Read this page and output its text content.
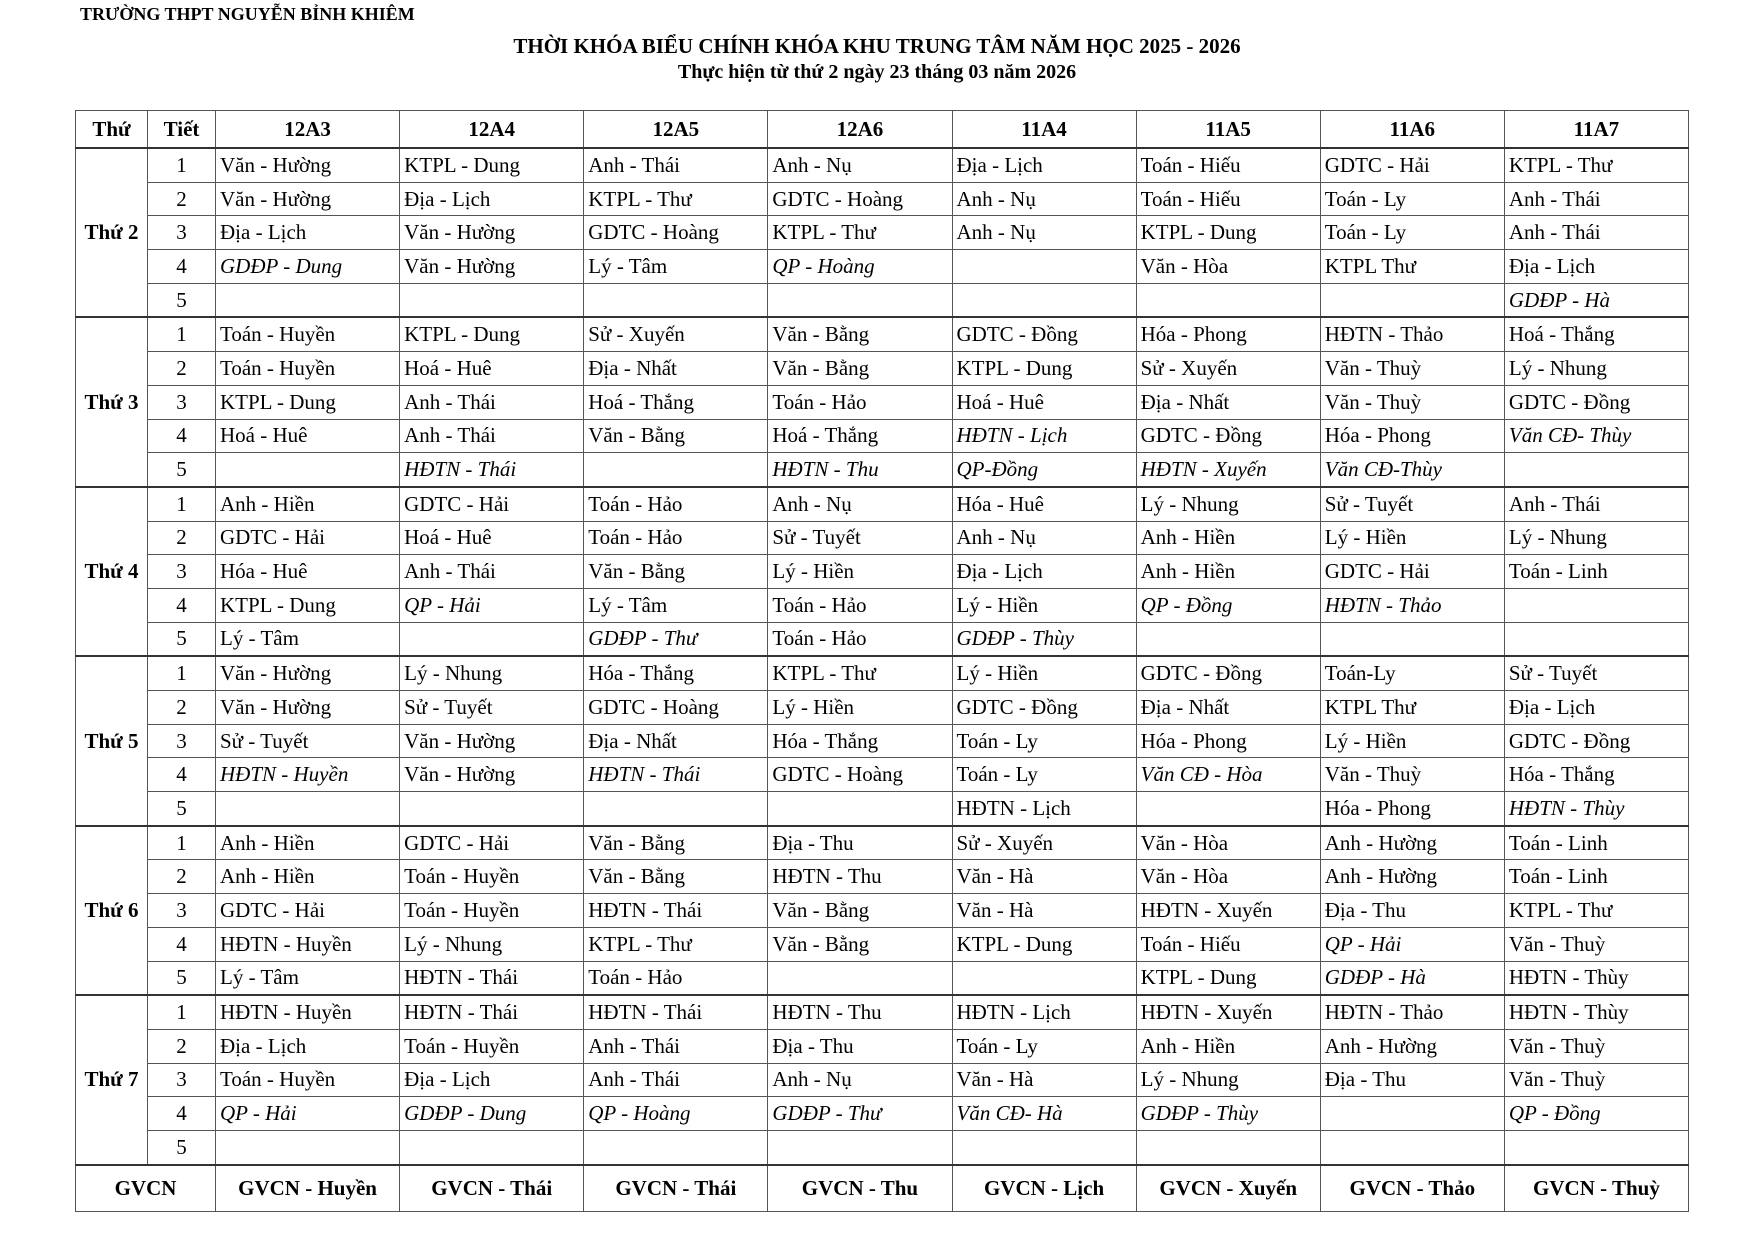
TRƯỜNG THPT NGUYỄN BỈNH KHIÊM
THỜI KHÓA BIỂU CHÍNH KHÓA KHU TRUNG TÂM NĂM HỌC 2025 - 2026
Thực hiện từ thứ 2 ngày 23 tháng 03 năm 2026
Thứ	Tiết	12A3	12A4	12A5	12A6	11A4	11A5	11A6	11A7
Thứ 2	1	Văn - Hường	KTPL - Dung	Anh - Thái	Anh - Nụ	Địa - Lịch	Toán - Hiếu	GDTC - Hải	KTPL - Thư
	2	Văn - Hường	Địa - Lịch	KTPL - Thư	GDTC - Hoàng	Anh - Nụ	Toán - Hiếu	Toán - Ly	Anh - Thái
	3	Địa - Lịch	Văn - Hường	GDTC - Hoàng	KTPL - Thư	Anh - Nụ	KTPL - Dung	Toán - Ly	Anh - Thái
	4	GDĐP - Dung	Văn - Hường	Lý - Tâm	QP - Hoàng		Văn - Hòa	KTPL Thư	Địa - Lịch
	5								GDĐP - Hà
Thứ 3	1	Toán - Huyền	KTPL - Dung	Sử - Xuyến	Văn - Bằng	GDTC - Đồng	Hóa - Phong	HĐTN - Thảo	Hoá - Thắng
	2	Toán - Huyền	Hoá - Huê	Địa - Nhất	Văn - Bằng	KTPL - Dung	Sử - Xuyến	Văn - Thuỳ	Lý - Nhung
	3	KTPL - Dung	Anh - Thái	Hoá - Thắng	Toán - Hảo	Hoá - Huê	Địa - Nhất	Văn - Thuỳ	GDTC - Đồng
	4	Hoá - Huê	Anh - Thái	Văn - Bằng	Hoá - Thắng	HĐTN - Lịch	GDTC - Đồng	Hóa - Phong	Văn CĐ- Thùy
	5		HĐTN - Thái		HĐTN - Thu	QP-Đồng	HĐTN - Xuyến	Văn CĐ-Thùy	
Thứ 4	1	Anh - Hiền	GDTC - Hải	Toán - Hảo	Anh - Nụ	Hóa - Huê	Lý - Nhung	Sử - Tuyết	Anh - Thái
	2	GDTC - Hải	Hoá - Huê	Toán - Hảo	Sử - Tuyết	Anh - Nụ	Anh - Hiền	Lý - Hiền	Lý - Nhung
	3	Hóa - Huê	Anh - Thái	Văn - Bằng	Lý - Hiền	Địa - Lịch	Anh - Hiền	GDTC - Hải	Toán - Linh
	4	KTPL - Dung	QP - Hải	Lý - Tâm	Toán - Hảo	Lý - Hiền	QP - Đồng	HĐTN - Thảo	
	5	Lý - Tâm		GDĐP - Thư	Toán - Hảo	GDĐP - Thùy			
Thứ 5	1	Văn - Hường	Lý - Nhung	Hóa - Thắng	KTPL - Thư	Lý - Hiền	GDTC - Đồng	Toán-Ly	Sử - Tuyết
	2	Văn - Hường	Sử - Tuyết	GDTC - Hoàng	Lý - Hiền	GDTC - Đồng	Địa - Nhất	KTPL Thư	Địa - Lịch
	3	Sử - Tuyết	Văn - Hường	Địa - Nhất	Hóa - Thắng	Toán - Ly	Hóa - Phong	Lý - Hiền	GDTC - Đồng
	4	HĐTN - Huyền	Văn - Hường	HĐTN - Thái	GDTC - Hoàng	Toán - Ly	Văn CĐ - Hòa	Văn - Thuỳ	Hóa - Thắng
	5					HĐTN - Lịch		Hóa - Phong	HĐTN - Thùy
Thứ 6	1	Anh - Hiền	GDTC - Hải	Văn - Bằng	Địa - Thu	Sử - Xuyến	Văn - Hòa	Anh - Hường	Toán - Linh
	2	Anh - Hiền	Toán - Huyền	Văn - Bằng	HĐTN - Thu	Văn - Hà	Văn - Hòa	Anh - Hường	Toán - Linh
	3	GDTC - Hải	Toán - Huyền	HĐTN - Thái	Văn - Bằng	Văn - Hà	HĐTN - Xuyến	Địa - Thu	KTPL - Thư
	4	HĐTN - Huyền	Lý - Nhung	KTPL - Thư	Văn - Bằng	KTPL - Dung	Toán - Hiếu	QP - Hải	Văn - Thuỳ
	5	Lý - Tâm	HĐTN - Thái	Toán - Hảo			KTPL - Dung	GDĐP - Hà	HĐTN - Thùy
Thứ 7	1	HĐTN - Huyền	HĐTN - Thái	HĐTN - Thái	HĐTN - Thu	HĐTN - Lịch	HĐTN - Xuyến	HĐTN - Thảo	HĐTN - Thùy
	2	Địa - Lịch	Toán - Huyền	Anh - Thái	Địa - Thu	Toán - Ly	Anh - Hiền	Anh - Hường	Văn - Thuỳ
	3	Toán - Huyền	Địa - Lịch	Anh - Thái	Anh - Nụ	Văn - Hà	Lý - Nhung	Địa - Thu	Văn - Thuỳ
	4	QP - Hải	GDĐP - Dung	QP - Hoàng	GDĐP - Thư	Văn CĐ- Hà	GDĐP - Thùy		QP - Đồng
	5								
GVCN		GVCN - Huyền	GVCN - Thái	GVCN - Thái	GVCN - Thu	GVCN - Lịch	GVCN - Xuyến	GVCN - Thảo	GVCN - Thuỳ
